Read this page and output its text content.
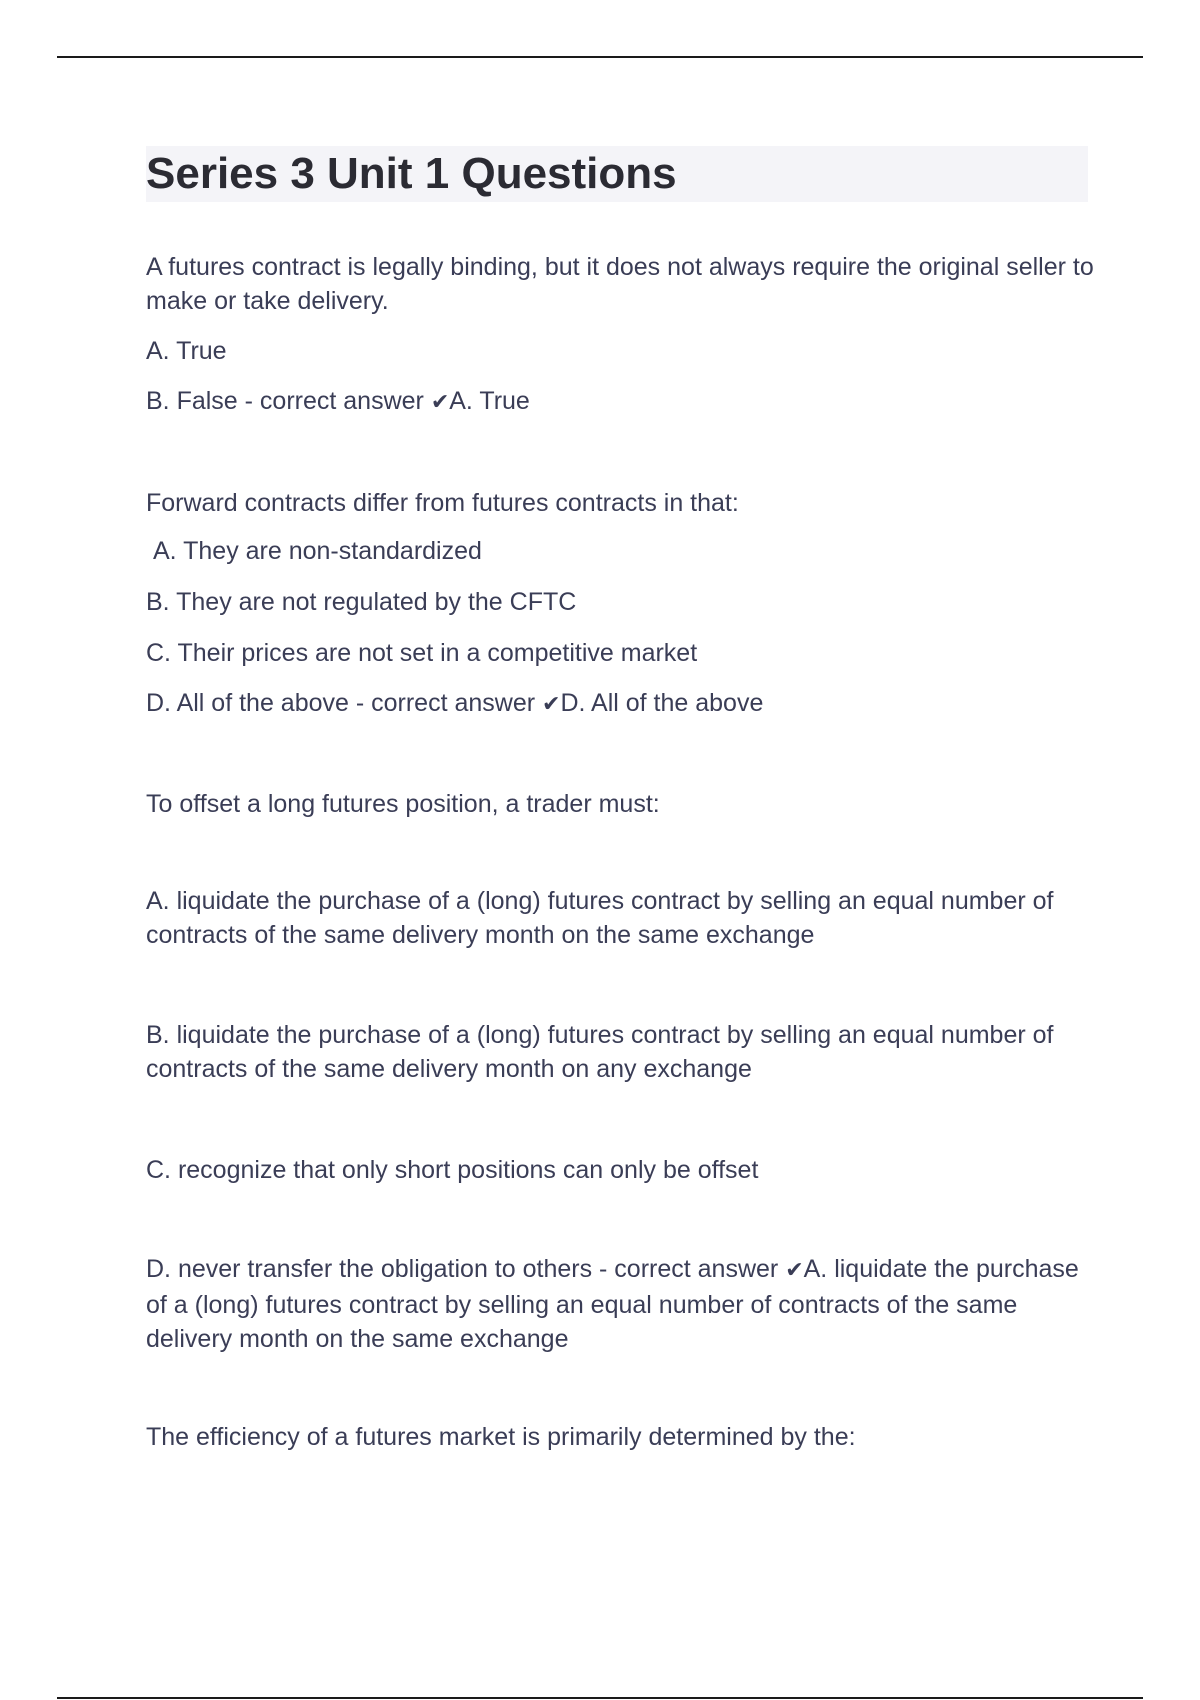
Series 3 Unit 1 Questions

A futures contract is legally binding, but it does not always require the original seller to make or take delivery.

A. True

B. False - correct answer ✔A. True

Forward contracts differ from futures contracts in that:

A. They are non-standardized

B. They are not regulated by the CFTC

C. Their prices are not set in a competitive market

D. All of the above - correct answer ✔D. All of the above

To offset a long futures position, a trader must:

A. liquidate the purchase of a (long) futures contract by selling an equal number of contracts of the same delivery month on the same exchange

B. liquidate the purchase of a (long) futures contract by selling an equal number of contracts of the same delivery month on any exchange

C. recognize that only short positions can only be offset

D. never transfer the obligation to others - correct answer ✔A. liquidate the purchase of a (long) futures contract by selling an equal number of contracts of the same delivery month on the same exchange

The efficiency of a futures market is primarily determined by the:
